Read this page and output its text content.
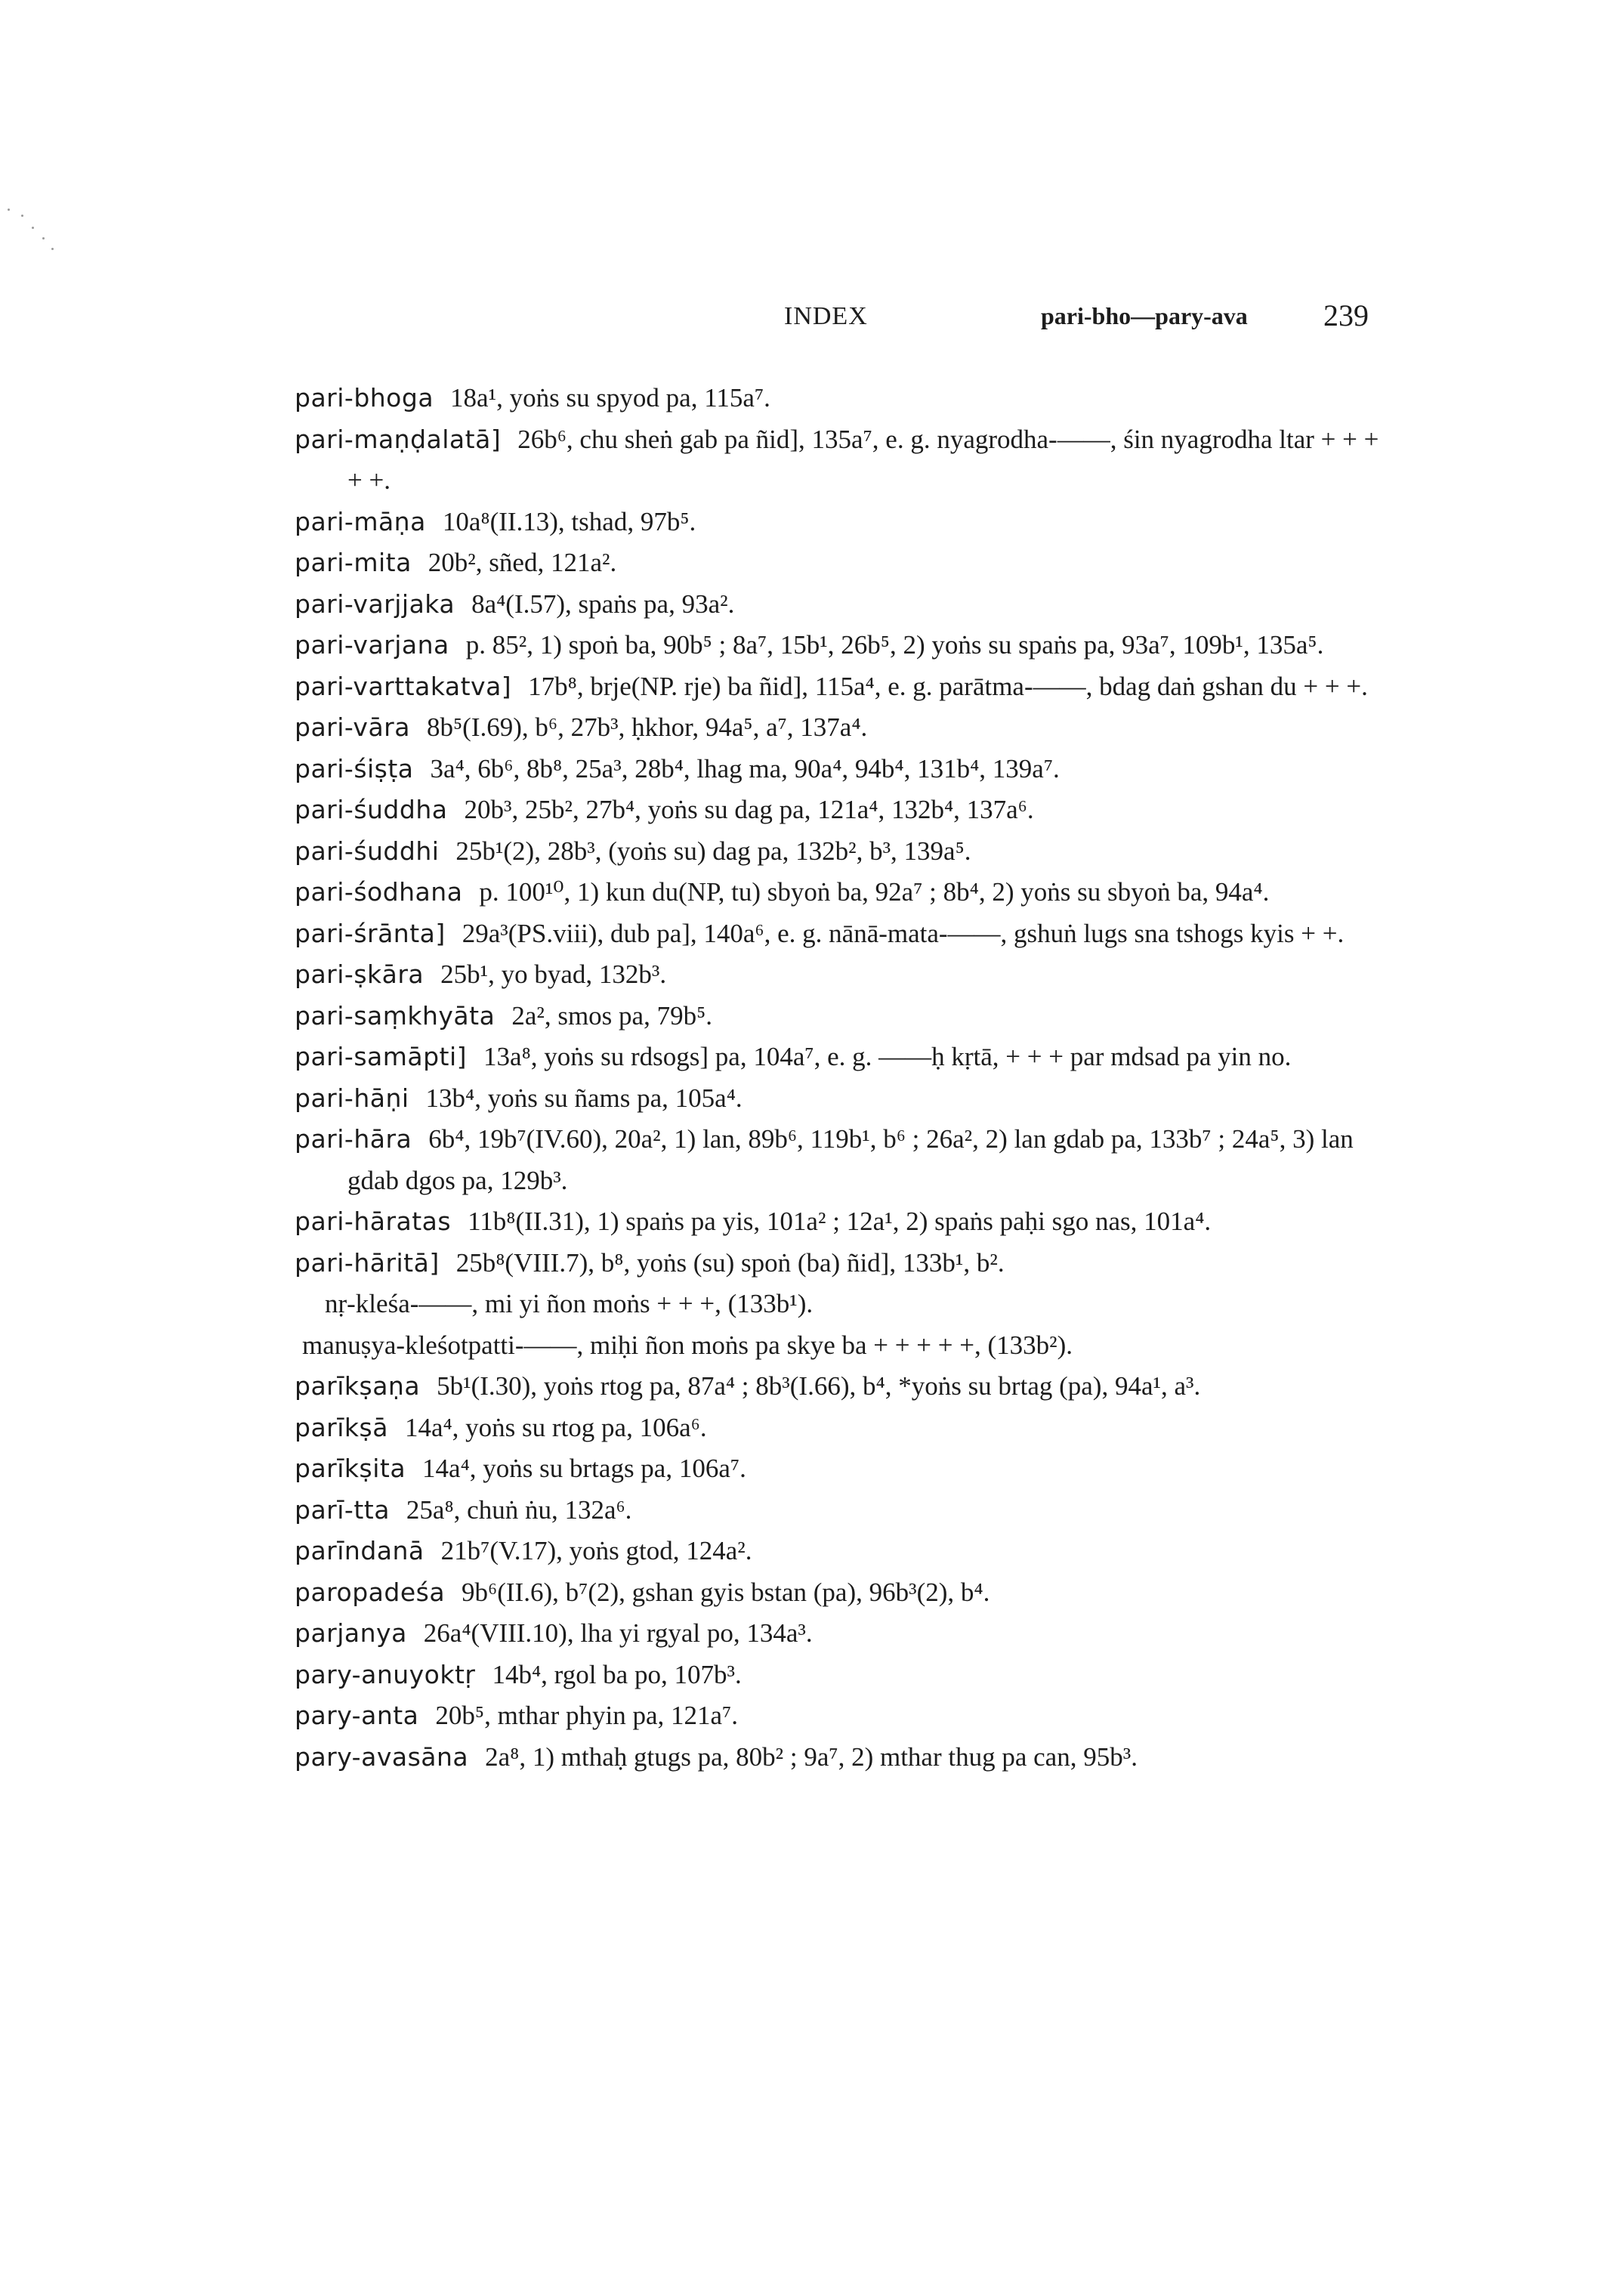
INDEX	pari-bho—pary-ava	239
pari-bhoga 18a¹, yoṅs su spyod pa, 115a⁷.
pari-maṇḍalatā] 26b⁶, chu sheṅ gab pa ñid], 135a⁷, e. g. nyagrodha-——, śin nyagrodha ltar + + + + +.
pari-māṇa 10a⁸(II.13), tshad, 97b⁵.
pari-mita 20b², sñed, 121a².
pari-varjjaka 8a⁴(I.57), spaṅs pa, 93a².
pari-varjana p. 85², 1) spoṅ ba, 90b⁵ ; 8a⁷, 15b¹, 26b⁵, 2) yoṅs su spaṅs pa, 93a⁷, 109b¹, 135a⁵.
pari-varttakatva] 17b⁸, brje(NP. rje) ba ñid], 115a⁴, e. g. parātma-——, bdag daṅ gshan du + + +.
pari-vāra 8b⁵(I.69), b⁶, 27b³, ḥkhor, 94a⁵, a⁷, 137a⁴.
pari-śiṣṭa 3a⁴, 6b⁶, 8b⁸, 25a³, 28b⁴, lhag ma, 90a⁴, 94b⁴, 131b⁴, 139a⁷.
pari-śuddha 20b³, 25b², 27b⁴, yoṅs su dag pa, 121a⁴, 132b⁴, 137a⁶.
pari-śuddhi 25b¹(2), 28b³, (yoṅs su) dag pa, 132b², b³, 139a⁵.
pari-śodhana p. 100¹⁰, 1) kun du(NP, tu) sbyoṅ ba, 92a⁷ ; 8b⁴, 2) yoṅs su sbyoṅ ba, 94a⁴.
pari-śrānta] 29a³(PS.viii), dub pa], 140a⁶, e. g. nānā-mata-——, gshuṅ lugs sna tshogs kyis + +.
pari-ṣkāra 25b¹, yo byad, 132b³.
pari-saṃkhyāta 2a², smos pa, 79b⁵.
pari-samāpti] 13a⁸, yoṅs su rdsogs] pa, 104a⁷, e. g. ——ḥ kṛtā, + + + par mdsad pa yin no.
pari-hāṇi 13b⁴, yoṅs su ñams pa, 105a⁴.
pari-hāra 6b⁴, 19b⁷(IV.60), 20a², 1) lan, 89b⁶, 119b¹, b⁶ ; 26a², 2) lan gdab pa, 133b⁷ ; 24a⁵, 3) lan gdab dgos pa, 129b³.
pari-hāratas 11b⁸(II.31), 1) spaṅs pa yis, 101a² ; 12a¹, 2) spaṅs paḥi sgo nas, 101a⁴.
pari-hāritā] 25b⁸(VIII.7), b⁸, yoṅs (su) spoṅ (ba) ñid], 133b¹, b².
nṛ-kleśa-——, mi yi ñon moṅs + + +, (133b¹).
manuṣya-kleśotpatti-——, miḥi ñon moṅs pa skye ba + + + + +, (133b²).
parīkṣaṇa 5b¹(I.30), yoṅs rtog pa, 87a⁴ ; 8b³(I.66), b⁴, *yoṅs su brtag (pa), 94a¹, a³.
parīkṣā 14a⁴, yoṅs su rtog pa, 106a⁶.
parīkṣita 14a⁴, yoṅs su brtags pa, 106a⁷.
parī-tta 25a⁸, chuṅ ṅu, 132a⁶.
parīndanā 21b⁷(V.17), yoṅs gtod, 124a².
paropadeśa 9b⁶(II.6), b⁷(2), gshan gyis bstan (pa), 96b³(2), b⁴.
parjanya 26a⁴(VIII.10), lha yi rgyal po, 134a³.
pary-anuyoktṛ 14b⁴, rgol ba po, 107b³.
pary-anta 20b⁵, mthar phyin pa, 121a⁷.
pary-avasāna 2a⁸, 1) mthaḥ gtugs pa, 80b² ; 9a⁷, 2) mthar thug pa can, 95b³.
